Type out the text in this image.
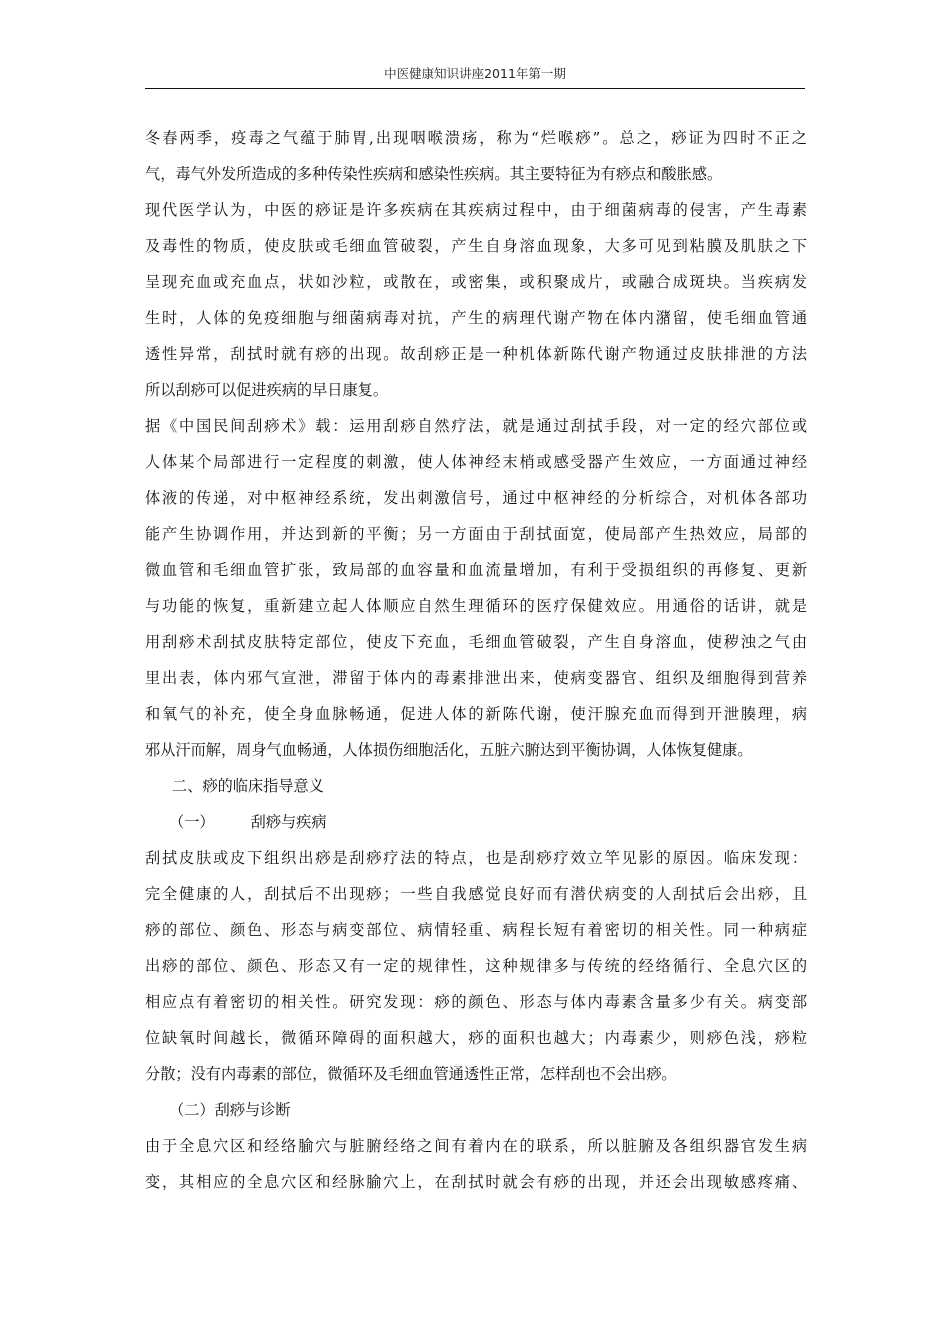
中医健康知识讲座2011年第一期
冬春两季，疫毒之气蕴于肺胃,出现咽喉溃疡，称为“烂喉痧”。总之，痧证为四时不正之
气，毒气外发所造成的多种传染性疾病和感染性疾病。其主要特征为有痧点和酸胀感。
现代医学认为，中医的痧证是许多疾病在其疾病过程中，由于细菌病毒的侵害，产生毒素
及毒性的物质，使皮肤或毛细血管破裂，产生自身溶血现象，大多可见到粘膜及肌肤之下
呈现充血或充血点，状如沙粒，或散在，或密集，或积聚成片，或融合成斑块。当疾病发
生时，人体的免疫细胞与细菌病毒对抗，产生的病理代谢产物在体内潴留，使毛细血管通
透性异常，刮拭时就有痧的出现。故刮痧正是一种机体新陈代谢产物通过皮肤排泄的方法
所以刮痧可以促进疾病的早日康复。
据《中国民间刮痧术》载：运用刮痧自然疗法，就是通过刮拭手段，对一定的经穴部位或
人体某个局部进行一定程度的刺激，使人体神经末梢或感受器产生效应，一方面通过神经
体液的传递，对中枢神经系统，发出刺激信号，通过中枢神经的分析综合，对机体各部功
能产生协调作用，并达到新的平衡；另一方面由于刮拭面宽，使局部产生热效应，局部的
微血管和毛细血管扩张，致局部的血容量和血流量增加，有利于受损组织的再修复、更新
与功能的恢复，重新建立起人体顺应自然生理循环的医疗保健效应。用通俗的话讲，就是
用刮痧术刮拭皮肤特定部位，使皮下充血，毛细血管破裂，产生自身溶血，使秽浊之气由
里出表，体内邪气宣泄，滞留于体内的毒素排泄出来，使病变器官、组织及细胞得到营养
和氧气的补充，使全身血脉畅通，促进人体的新陈代谢，使汗腺充血而得到开泄腠理，病
邪从汗而解，周身气血畅通，人体损伤细胞活化，五脏六腑达到平衡协调，人体恢复健康。
二、痧的临床指导意义
（一） 刮痧与疾病
刮拭皮肤或皮下组织出痧是刮痧疗法的特点，也是刮痧疗效立竿见影的原因。临床发现：
完全健康的人，刮拭后不出现痧；一些自我感觉良好而有潜伏病变的人刮拭后会出痧，且
痧的部位、颜色、形态与病变部位、病情轻重、病程长短有着密切的相关性。同一种病症
出痧的部位、颜色、形态又有一定的规律性，这种规律多与传统的经络循行、全息穴区的
相应点有着密切的相关性。研究发现：痧的颜色、形态与体内毒素含量多少有关。病变部
位缺氧时间越长，微循环障碍的面积越大，痧的面积也越大；内毒素少，则痧色浅，痧粒
分散；没有内毒素的部位，微循环及毛细血管通透性正常，怎样刮也不会出痧。
（二）刮痧与诊断
由于全息穴区和经络腧穴与脏腑经络之间有着内在的联系，所以脏腑及各组织器官发生病
变，其相应的全息穴区和经脉腧穴上，在刮拭时就会有痧的出现，并还会出现敏感疼痛、
